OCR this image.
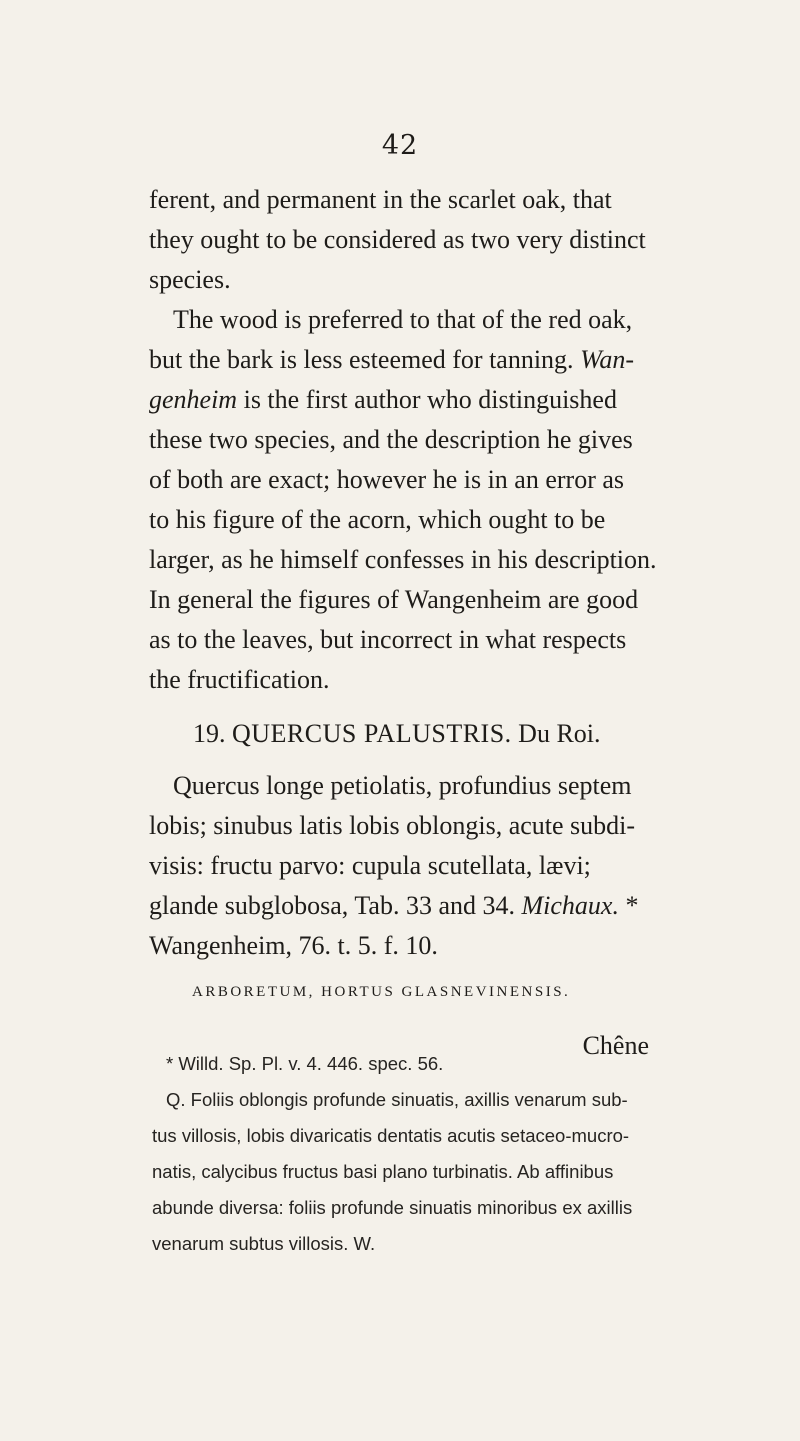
42
ferent, and permanent in the scarlet oak, that
they ought to be considered as two very distinct
species.
The wood is preferred to that of the red oak,
but the bark is less esteemed for tanning. Wan-
genheim is the first author who distinguished
these two species, and the description he gives
of both are exact; however he is in an error as
to his figure of the acorn, which ought to be
larger, as he himself confesses in his description.
In general the figures of Wangenheim are good
as to the leaves, but incorrect in what respects
the fructification.
19. QUERCUS PALUSTRIS. Du Roi.
Quercus longe petiolatis, profundius septem
lobis; sinubus latis lobis oblongis, acute subdi-
visis: fructu parvo: cupula scutellata, lævi;
glande subglobosa, Tab. 33 and 34. Michaux. *
Wangenheim, 76. t. 5. f. 10.
ARBORETUM, HORTUS GLASNEVINENSIS.
Chêne
* Willd. Sp. Pl. v. 4. 446. spec. 56.
Q. Foliis oblongis profunde sinuatis, axillis venarum sub-
tus villosis, lobis divaricatis dentatis acutis setaceo-mucro-
natis, calycibus fructus basi plano turbinatis. Ab affinibus
abunde diversa: foliis profunde sinuatis minoribus ex axillis
venarum subtus villosis. W.
